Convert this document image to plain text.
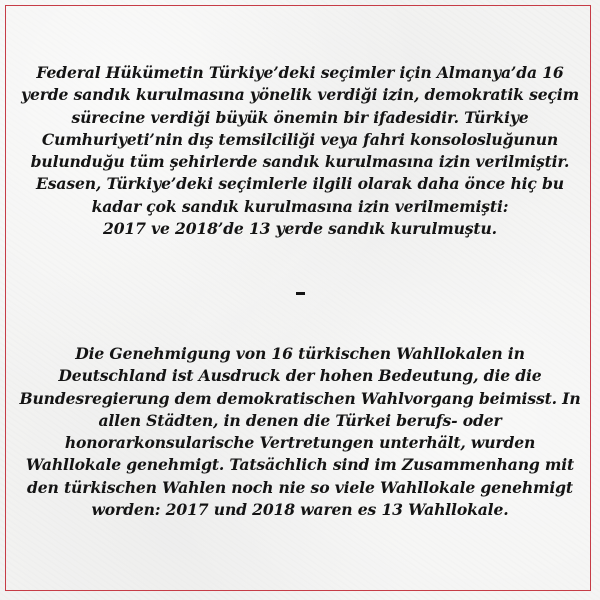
Federal Hükümetin Türkiye’deki seçimler için Almanya’da 16
yerde sandık kurulmasına yönelik verdiği izin, demokratik seçim
sürecine verdiği büyük önemin bir ifadesidir. Türkiye
Cumhuriyeti’nin dış temsilciliği veya fahri konsolosluğunun
bulunduğu tüm şehirlerde sandık kurulmasına izin verilmiştir.
Esasen, Türkiye’deki seçimlerle ilgili olarak daha önce hiç bu
kadar çok sandık kurulmasına izin verilmemişti:
2017 ve 2018’de 13 yerde sandık kurulmuştu.
Die Genehmigung von 16 türkischen Wahllokalen in
Deutschland ist Ausdruck der hohen Bedeutung, die die
Bundesregierung dem demokratischen Wahlvorgang beimisst. In
allen Städten, in denen die Türkei berufs- oder
honorarkonsularische Vertretungen unterhält, wurden
Wahllokale genehmigt. Tatsächlich sind im Zusammenhang mit
den türkischen Wahlen noch nie so viele Wahllokale genehmigt
worden: 2017 und 2018 waren es 13 Wahllokale.
